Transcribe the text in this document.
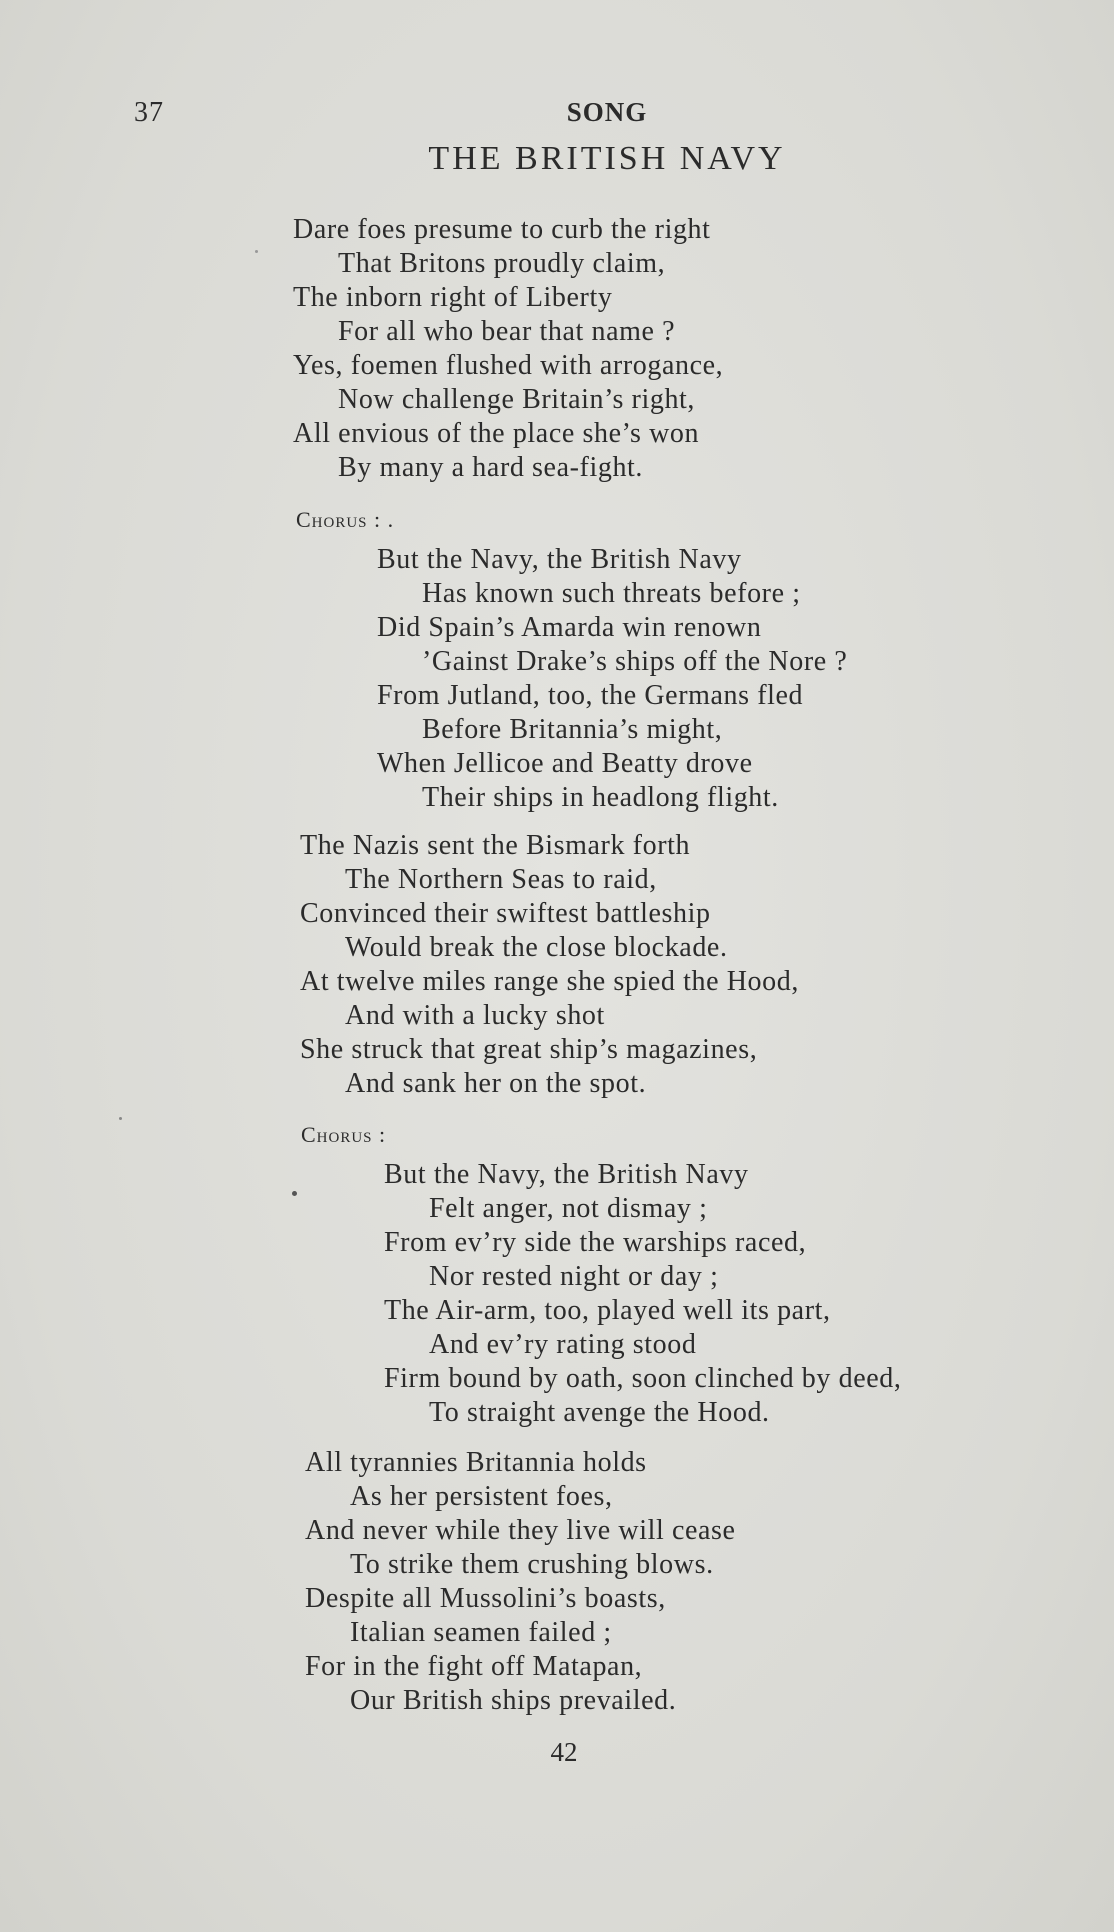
37	SONG
THE BRITISH NAVY
Dare foes presume to curb the right
That Britons proudly claim,
The inborn right of Liberty
For all who bear that name ?
Yes, foemen flushed with arrogance,
Now challenge Britain’s right,
All envious of the place she’s won
By many a hard sea-fight.
Chorus : .
But the Navy, the British Navy
Has known such threats before ;
Did Spain’s Amarda win renown
’Gainst Drake’s ships off the Nore ?
From Jutland, too, the Germans fled
Before Britannia’s might,
When Jellicoe and Beatty drove
Their ships in headlong flight.
The Nazis sent the Bismark forth
The Northern Seas to raid,
Convinced their swiftest battleship
Would break the close blockade.
At twelve miles range she spied the Hood,
And with a lucky shot
She struck that great ship’s magazines,
And sank her on the spot.
Chorus :
But the Navy, the British Navy
Felt anger, not dismay ;
From ev’ry side the warships raced,
Nor rested night or day ;
The Air-arm, too, played well its part,
And ev’ry rating stood
Firm bound by oath, soon clinched by deed,
To straight avenge the Hood.
All tyrannies Britannia holds
As her persistent foes,
And never while they live will cease
To strike them crushing blows.
Despite all Mussolini’s boasts,
Italian seamen failed ;
For in the fight off Matapan,
Our British ships prevailed.
42
